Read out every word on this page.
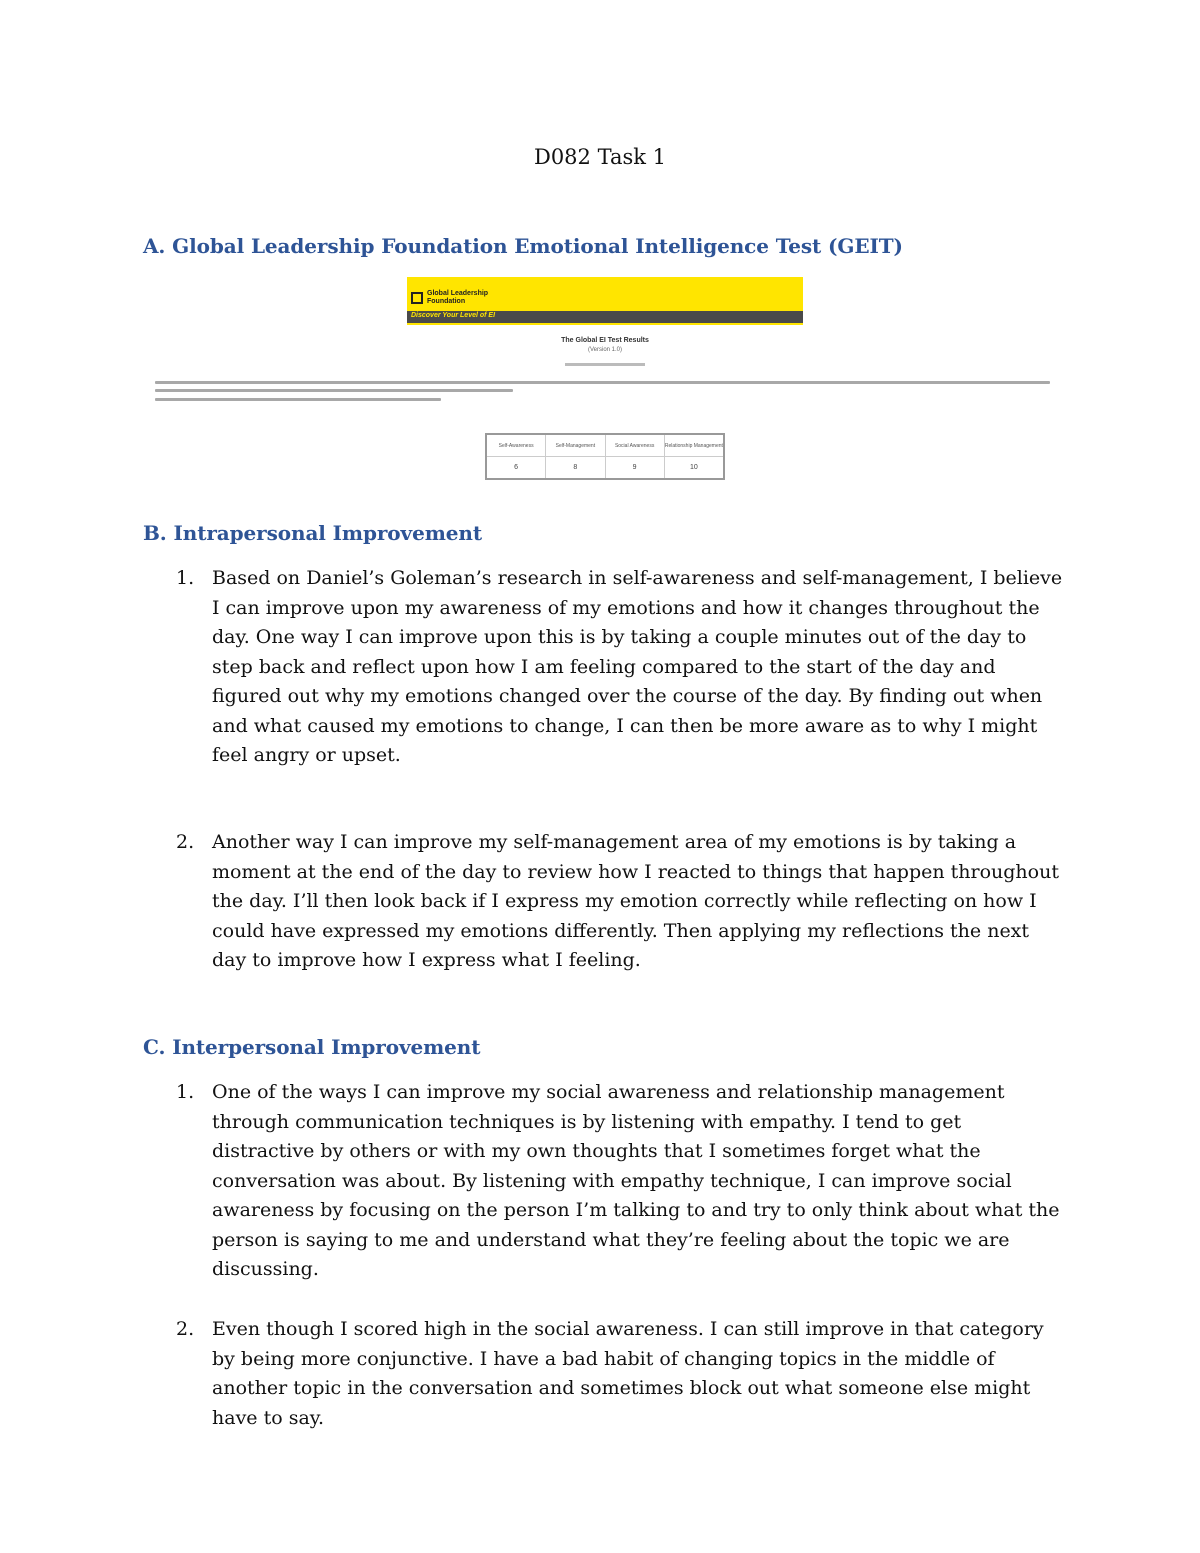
D082 Task 1
A. Global Leadership Foundation Emotional Intelligence Test (GEIT)
Global Leadership
Foundation
Discover Your Level of EI
The Global EI Test Results
(Version 1.0)
Self-Awareness	Self-Management	Social Awareness	Relationship Management
6	8	9	10
B. Intrapersonal Improvement
1. Based on Daniel’s Goleman’s research in self-awareness and self-management, I believe I can improve upon my awareness of my emotions and how it changes throughout the day. One way I can improve upon this is by taking a couple minutes out of the day to step back and reflect upon how I am feeling compared to the start of the day and figured out why my emotions changed over the course of the day. By finding out when and what caused my emotions to change, I can then be more aware as to why I might feel angry or upset.
2. Another way I can improve my self-management area of my emotions is by taking a moment at the end of the day to review how I reacted to things that happen throughout the day. I’ll then look back if I express my emotion correctly while reflecting on how I could have expressed my emotions differently. Then applying my reflections the next day to improve how I express what I feeling.
C. Interpersonal Improvement
1. One of the ways I can improve my social awareness and relationship management through communication techniques is by listening with empathy. I tend to get distractive by others or with my own thoughts that I sometimes forget what the conversation was about. By listening with empathy technique, I can improve social awareness by focusing on the person I’m talking to and try to only think about what the person is saying to me and understand what they’re feeling about the topic we are discussing.
2. Even though I scored high in the social awareness. I can still improve in that category by being more conjunctive. I have a bad habit of changing topics in the middle of another topic in the conversation and sometimes block out what someone else might have to say.
